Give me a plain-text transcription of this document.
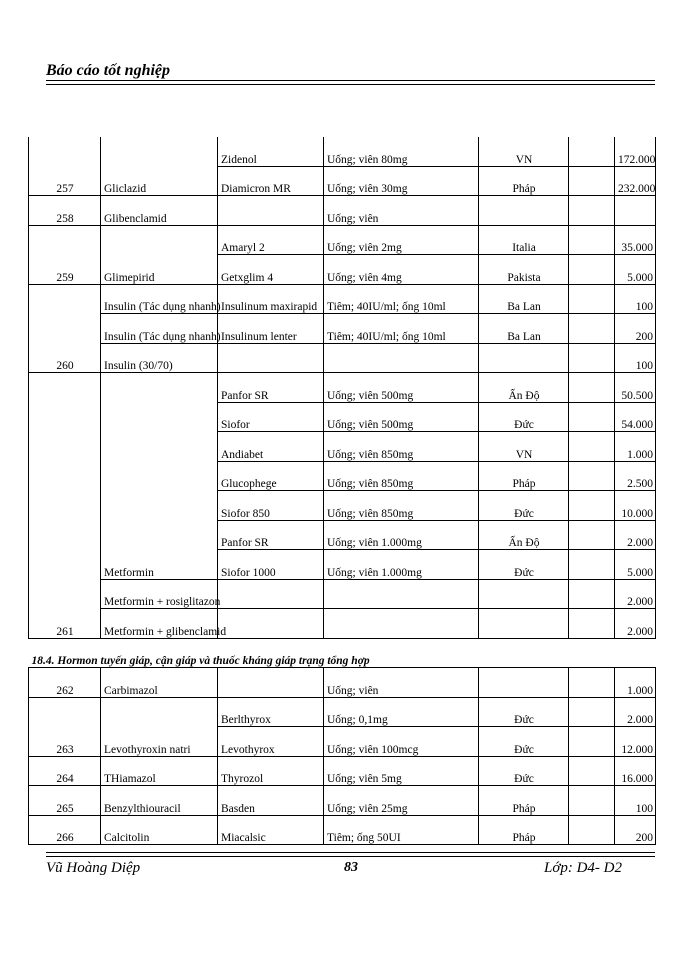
Báo cáo tốt nghiệp
		Zidenol	Uống; viên 80mg	VN		172.000
257	Gliclazid	Diamicron MR	Uống; viên 30mg	Pháp		232.000
258	Glibenclamid		Uống; viên			
		Amaryl 2	Uống; viên 2mg	Italia		35.000
259	Glimepirid	Getxglim 4	Uống; viên 4mg	Pakista		5.000
	Insulin (Tác dụng nhanh)	Insulinum maxirapid	Tiêm; 40IU/ml; ống 10ml	Ba Lan		100
	Insulin (Tác dụng nhanh)	Insulinum lenter	Tiêm; 40IU/ml; ống 10ml	Ba Lan		200
260	Insulin (30/70)					100
		Panfor SR	Uống; viên 500mg	Ấn Độ		50.500
		Siofor	Uống; viên 500mg	Đức		54.000
		Andiabet	Uống; viên 850mg	VN		1.000
		Glucophege	Uống; viên 850mg	Pháp		2.500
		Siofor 850	Uống; viên 850mg	Đức		10.000
		Panfor SR	Uống; viên 1.000mg	Ấn Độ		2.000
	Metformin	Siofor 1000	Uống; viên 1.000mg	Đức		5.000
	Metformin + rosiglitazon					2.000
261	Metformin + glibenclamid					2.000
18.4. Hormon tuyến giáp, cận giáp và thuốc kháng giáp trạng tổng hợp						
262	Carbimazol		Uống; viên			1.000
		Berlthyrox	Uống; 0,1mg	Đức		2.000
263	Levothyroxin natri	Levothyrox	Uống; viên 100mcg	Đức		12.000
264	THiamazol	Thyrozol	Uống; viên 5mg	Đức		16.000
265	Benzylthiouracil	Basden	Uống; viên 25mg	Pháp		100
266	Calcitolin	Miacalsic	Tiêm; ống 50UI	Pháp		200
Vũ Hoàng Diệp	83	Lớp: D4- D2
